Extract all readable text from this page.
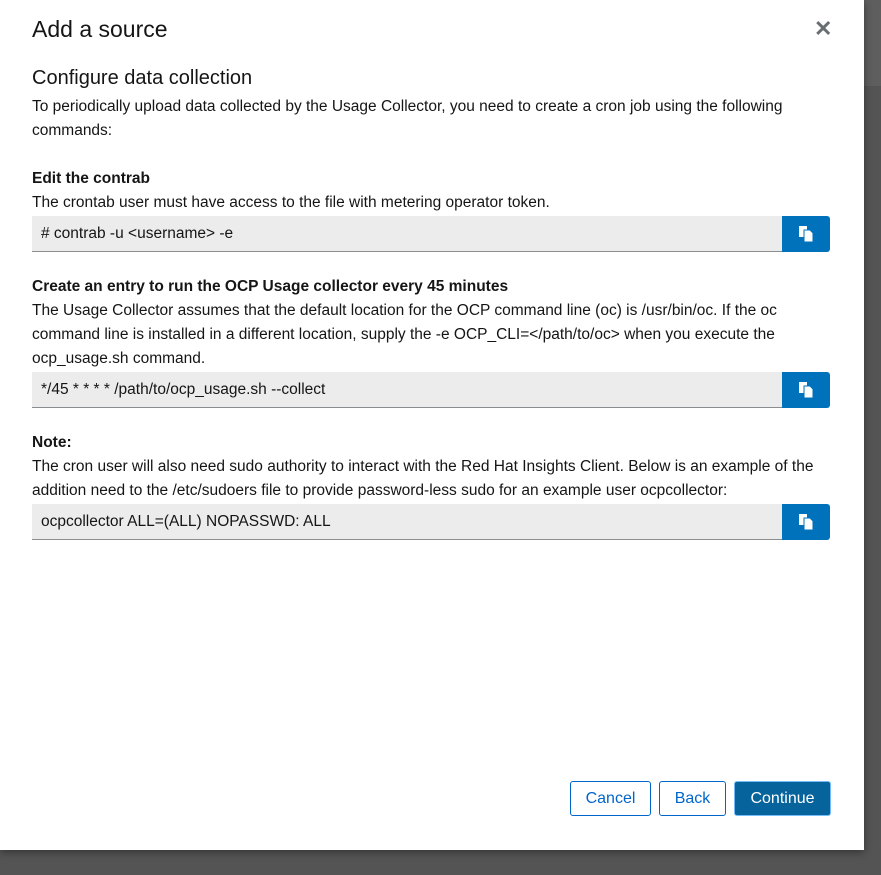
Add a source	✕
Configure data collection
To periodically upload data collected by the Usage Collector, you need to create a cron job using the following commands:
Edit the contrab
The crontab user must have access to the file with metering operator token.
# contrab -u <username> -e
Create an entry to run the OCP Usage collector every 45 minutes
The Usage Collector assumes that the default location for the OCP command line (oc) is /usr/bin/oc. If the oc command line is installed in a different location, supply the -e OCP_CLI=</path/to/oc> when you execute the ocp_usage.sh command.
*/45 * * * * /path/to/ocp_usage.sh --collect
Note:
The cron user will also need sudo authority to interact with the Red Hat Insights Client. Below is an example of the addition need to the /etc/sudoers file to provide password-less sudo for an example user ocpcollector:
ocpcollector ALL=(ALL) NOPASSWD: ALL
Cancel	Back	Continue
